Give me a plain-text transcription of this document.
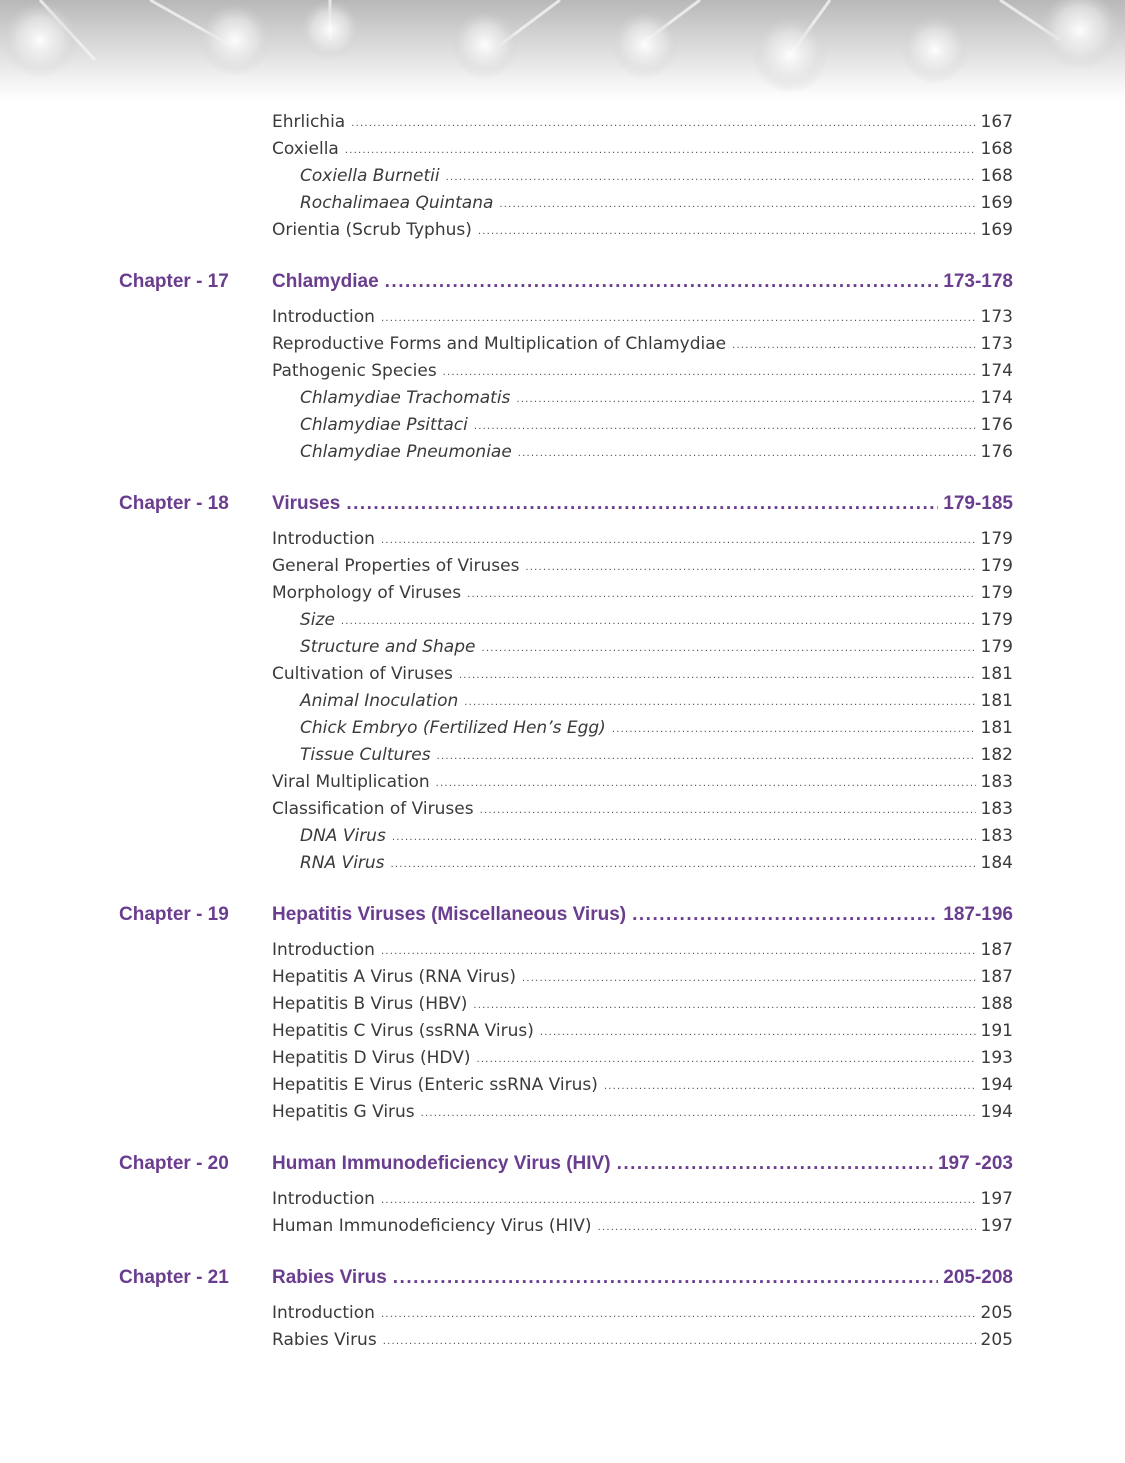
Ehrlichia .....	167
Coxiella .....	168
Coxiella Burnetii .....	168
Rochalimaea Quintana .....	169
Orientia (Scrub Typhus) .....	169
Chapter - 17 Chlamydiae .....	173-178
Introduction .....	173
Reproductive Forms and Multiplication of Chlamydiae .....	173
Pathogenic Species .....	174
Chlamydiae Trachomatis .....	174
Chlamydiae Psittaci .....	176
Chlamydiae Pneumoniae .....	176
Chapter - 18 Viruses .....	179-185
Introduction .....	179
General Properties of Viruses .....	179
Morphology of Viruses .....	179
Size .....	179
Structure and Shape .....	179
Cultivation of Viruses .....	181
Animal Inoculation .....	181
Chick Embryo (Fertilized Hen’s Egg) .....	181
Tissue Cultures .....	182
Viral Multiplication .....	183
Classification of Viruses .....	183
DNA Virus .....	183
RNA Virus .....	184
Chapter - 19 Hepatitis Viruses (Miscellaneous Virus) .....	187-196
Introduction .....	187
Hepatitis A Virus (RNA Virus) .....	187
Hepatitis B Virus (HBV) .....	188
Hepatitis C Virus (ssRNA Virus) .....	191
Hepatitis D Virus (HDV) .....	193
Hepatitis E Virus (Enteric ssRNA Virus) .....	194
Hepatitis G Virus .....	194
Chapter - 20 Human Immunodeficiency Virus (HIV) .....	197 -203
Introduction .....	197
Human Immunodeficiency Virus (HIV) .....	197
Chapter - 21 Rabies Virus .....	205-208
Introduction .....	205
Rabies Virus .....	205
